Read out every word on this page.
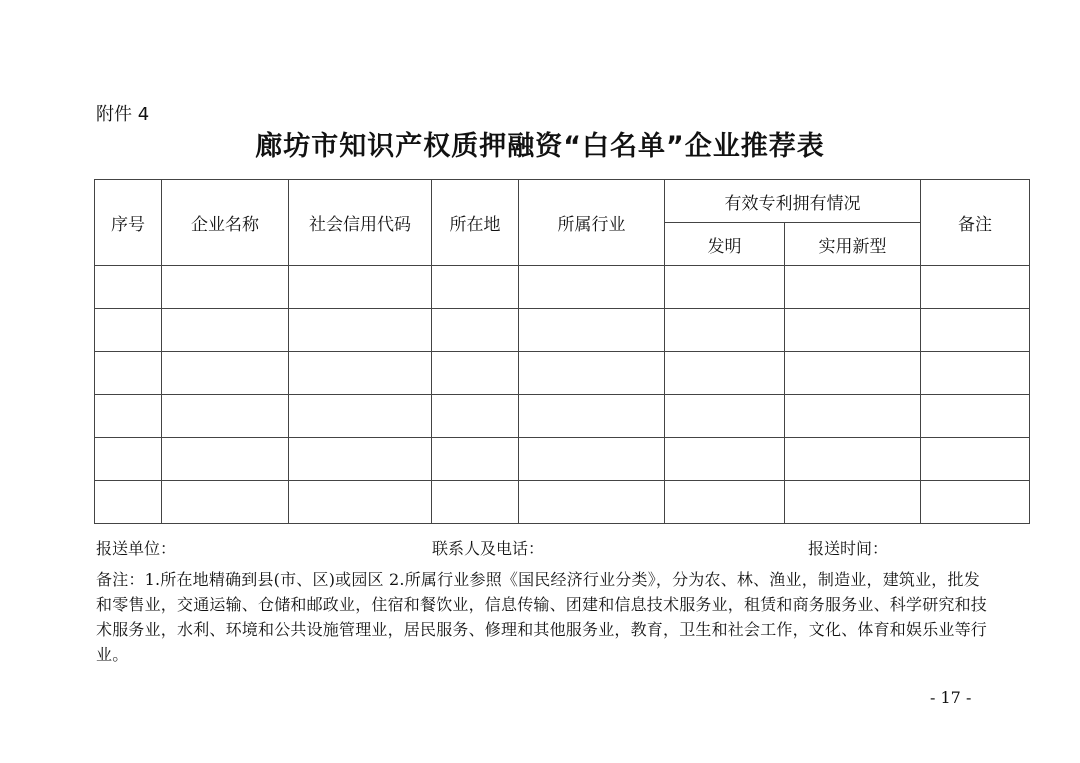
附件 4
廊坊市知识产权质押融资“白名单”企业推荐表
序号	企业名称	社会信用代码	所在地	所属行业	有效专利拥有情况		备注
					发明	实用新型	

报送单位：	联系人及电话：	报送时间：
备注：1.所在地精确到县(市、区)或园区 2.所属行业参照《国民经济行业分类》，分为农、林、渔业，制造业，建筑业，批发和零售业，交通运输、仓储和邮政业，住宿和餐饮业，信息传输、团建和信息技术服务业，租赁和商务服务业、科学研究和技术服务业，水利、环境和公共设施管理业，居民服务、修理和其他服务业，教育，卫生和社会工作，文化、体育和娱乐业等行业。
- 17 -
